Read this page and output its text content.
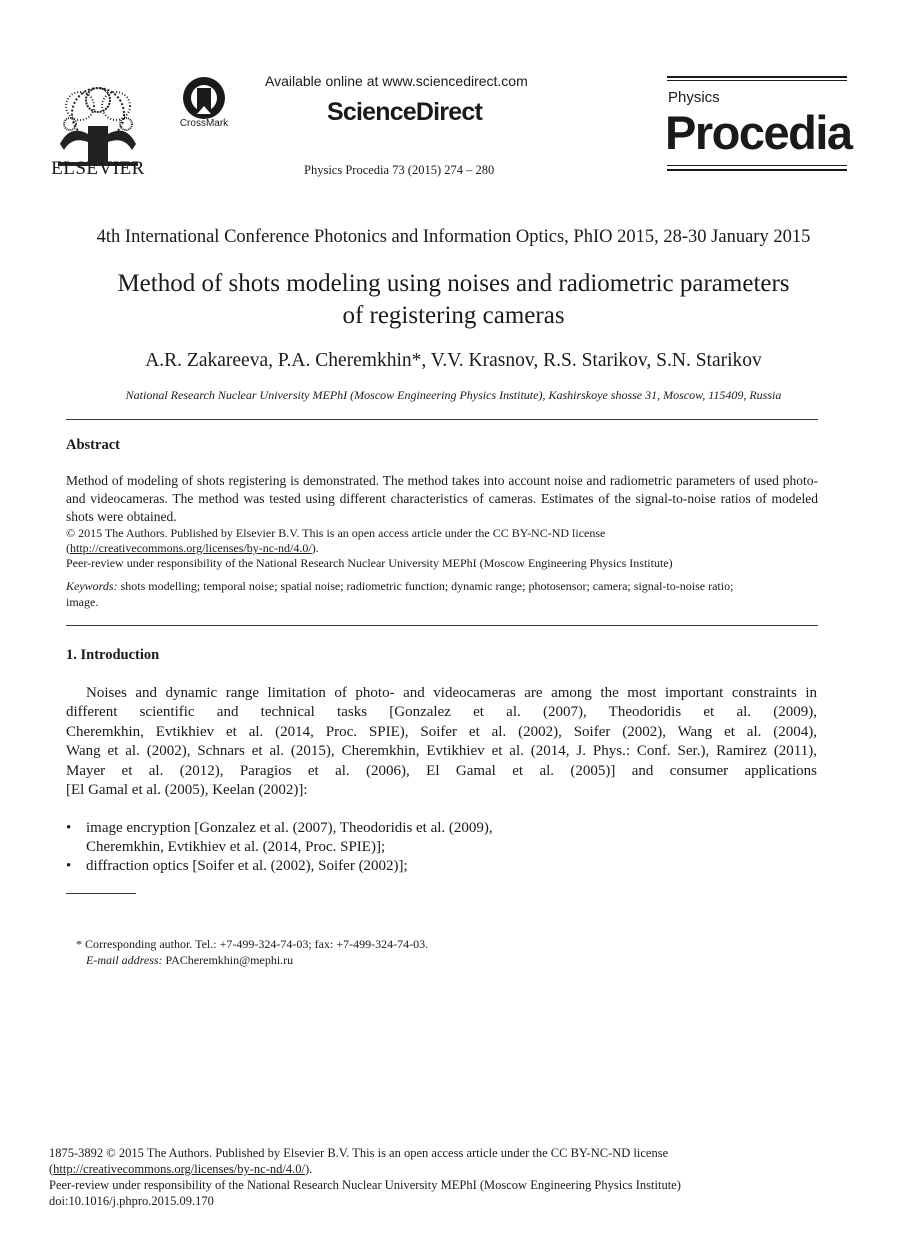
ELSEVIER
CrossMark
Available online at www.sciencedirect.com
ScienceDirect
Physics Procedia 73 (2015) 274 – 280
Physics
Procedia
4th International Conference Photonics and Information Optics, PhIO 2015, 28-30 January 2015
Method of shots modeling using noises and radiometric parameters
of registering cameras
A.R. Zakareeva, P.A. Cheremkhin*, V.V. Krasnov, R.S. Starikov, S.N. Starikov
National Research Nuclear University MEPhI (Moscow Engineering Physics Institute), Kashirskoye shosse 31, Moscow, 115409, Russia
Abstract
Method of modeling of shots registering is demonstrated. The method takes into account noise and radiometric parameters of used photo- and videocameras. The method was tested using different characteristics of cameras. Estimates of the signal-to-noise ratios of modeled shots were obtained.
© 2015 The Authors. Published by Elsevier B.V. This is an open access article under the CC BY-NC-ND license
(http://creativecommons.org/licenses/by-nc-nd/4.0/).
Peer-review under responsibility of the National Research Nuclear University MEPhI (Moscow Engineering Physics Institute)
Keywords: shots modelling; temporal noise; spatial noise; radiometric function; dynamic range; photosensor; camera; signal-to-noise ratio;
image.
1. Introduction
Noises and dynamic range limitation of photo- and videocameras are among the most important constraints in
different scientific and technical tasks [Gonzalez et al. (2007), Theodoridis et al. (2009),
Cheremkhin, Evtikhiev et al. (2014, Proc. SPIE), Soifer et al. (2002), Soifer (2002), Wang et al. (2004),
Wang et al. (2002), Schnars et al. (2015), Cheremkhin, Evtikhiev et al. (2014, J. Phys.: Conf. Ser.), Ramirez (2011),
Mayer et al. (2012), Paragios et al. (2006), El Gamal et al. (2005)] and consumer applications
[El Gamal et al. (2005), Keelan (2002)]:
• image encryption [Gonzalez et al. (2007), Theodoridis et al. (2009),
Cheremkhin, Evtikhiev et al. (2014, Proc. SPIE)];
• diffraction optics [Soifer et al. (2002), Soifer (2002)];
* Corresponding author. Tel.: +7-499-324-74-03; fax: +7-499-324-74-03.
E-mail address: PACheremkhin@mephi.ru
1875-3892 © 2015 The Authors. Published by Elsevier B.V. This is an open access article under the CC BY-NC-ND license
(http://creativecommons.org/licenses/by-nc-nd/4.0/).
Peer-review under responsibility of the National Research Nuclear University MEPhI (Moscow Engineering Physics Institute)
doi:10.1016/j.phpro.2015.09.170
